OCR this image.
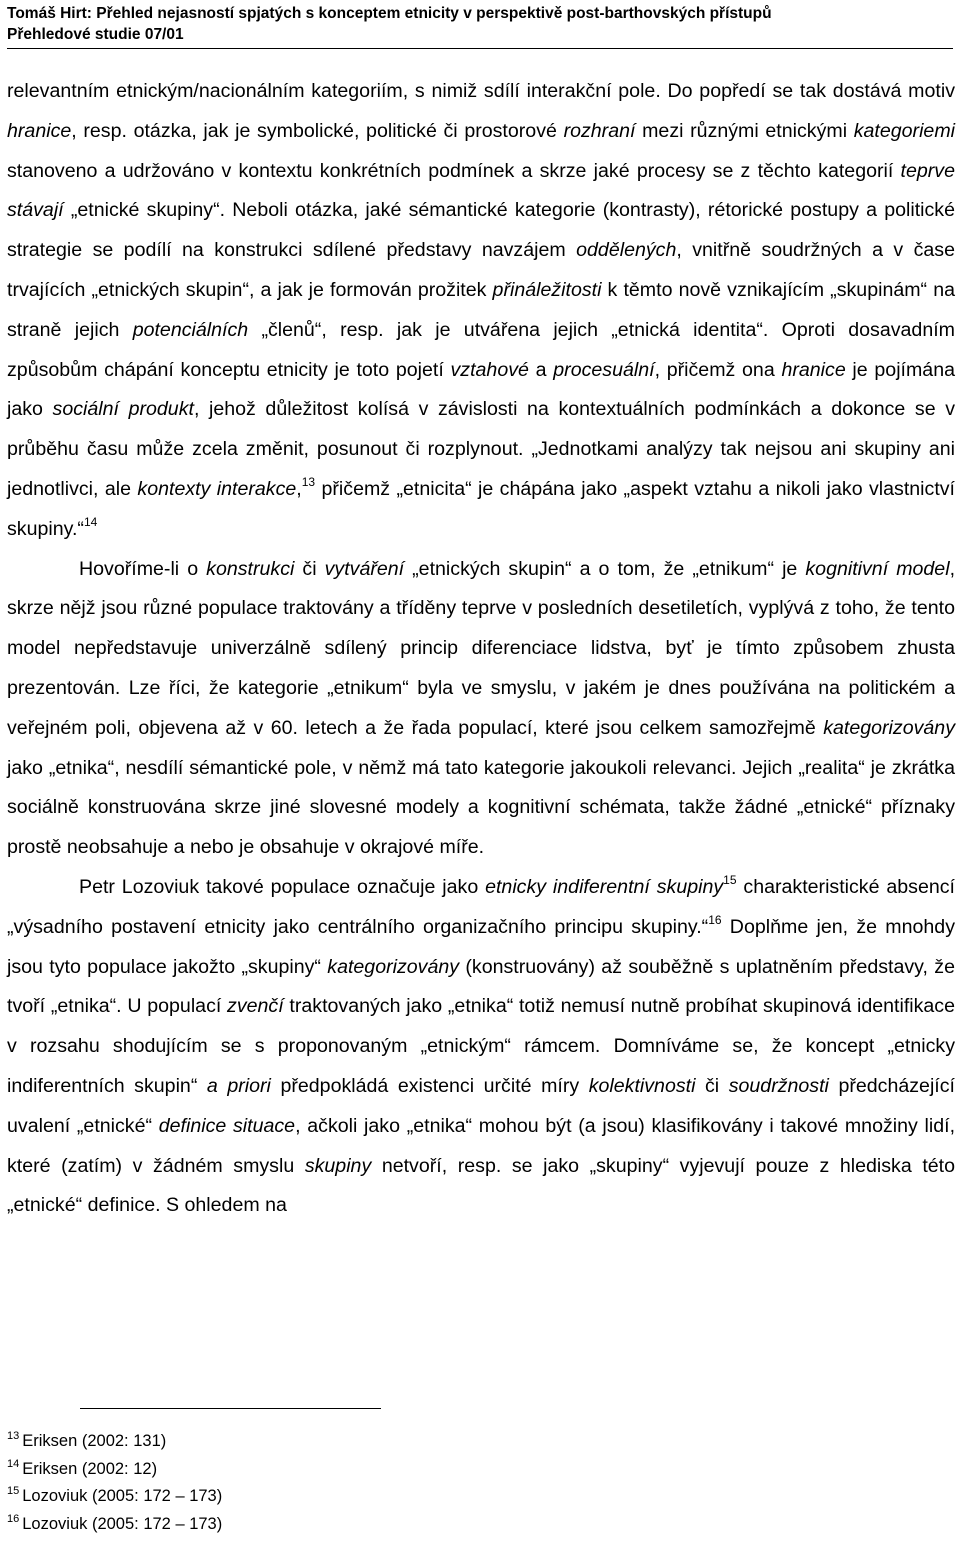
Tomáš Hirt: Přehled nejasností spjatých s konceptem etnicity v perspektivě post-barthovských přístupů
Přehledové studie 07/01

relevantním etnickým/nacionálním kategoriím, s nimiž sdílí interakční pole. Do popředí se tak dostává motiv hranice, resp. otázka, jak je symbolické, politické či prostorové rozhraní mezi různými etnickými kategoriemi stanoveno a udržováno v kontextu konkrétních podmínek a skrze jaké procesy se z těchto kategorií teprve stávají „etnické skupiny“. Neboli otázka, jaké sémantické kategorie (kontrasty), rétorické postupy a politické strategie se podílí na konstrukci sdílené představy navzájem oddělených, vnitřně soudržných a v čase trvajících „etnických skupin“, a jak je formován prožitek přináležitosti k těmto nově vznikajícím „skupinám“ na straně jejich potenciálních „členů“, resp. jak je utvářena jejich „etnická identita“. Oproti dosavadním způsobům chápání konceptu etnicity je toto pojetí vztahové a procesuální, přičemž ona hranice je pojímána jako sociální produkt, jehož důležitost kolísá v závislosti na kontextuálních podmínkách a dokonce se v průběhu času může zcela změnit, posunout či rozplynout. „Jednotkami analýzy tak nejsou ani skupiny ani jednotlivci, ale kontexty interakce,$^{13}$ přičemž „etnicita“ je chápána jako „aspekt vztahu a nikoli jako vlastnictví skupiny.“$^{14}$

Hovoříme-li o konstrukci či vytváření „etnických skupin“ a o tom, že „etnikum“ je kognitivní model, skrze nějž jsou různé populace traktovány a tříděny teprve v posledních desetiletích, vyplývá z toho, že tento model nepředstavuje univerzálně sdílený princip diferenciace lidstva, byť je tímto způsobem zhusta prezentován. Lze říci, že kategorie „etnikum“ byla ve smyslu, v jakém je dnes používána na politickém a veřejném poli, objevena až v 60. letech a že řada populací, které jsou celkem samozřejmě kategorizovány jako „etnika“, nesdílí sémantické pole, v němž má tato kategorie jakoukoli relevanci. Jejich „realita“ je zkrátka sociálně konstruována skrze jiné slovesné modely a kognitivní schémata, takže žádné „etnické“ příznaky prostě neobsahuje a nebo je obsahuje v okrajové míře.

Petr Lozoviuk takové populace označuje jako etnicky indiferentní skupiny$^{15}$ charakteristické absencí „výsadního postavení etnicity jako centrálního organizačního principu skupiny.“$^{16}$ Doplňme jen, že mnohdy jsou tyto populace jakožto „skupiny“ kategorizovány (konstruovány) až souběžně s uplatněním představy, že tvoří „etnika“. U populací zvenčí traktovaných jako „etnika“ totiž nemusí nutně probíhat skupinová identifikace v rozsahu shodujícím se s proponovaným „etnickým“ rámcem. Domníváme se, že koncept „etnicky indiferentních skupin“ a priori předpokládá existenci určité míry kolektivnosti či soudržnosti předcházející uvalení „etnické“ definice situace, ačkoli jako „etnika“ mohou být (a jsou) klasifikovány i takové množiny lidí, které (zatím) v žádném smyslu skupiny netvoří, resp. se jako „skupiny“ vyjevují pouze z hlediska této „etnické“ definice. S ohledem na

$^{13}$ Eriksen (2002: 131)
$^{14}$ Eriksen (2002: 12)
$^{15}$ Lozoviuk (2005: 172 – 173)
$^{16}$ Lozoviuk (2005: 172 – 173)
